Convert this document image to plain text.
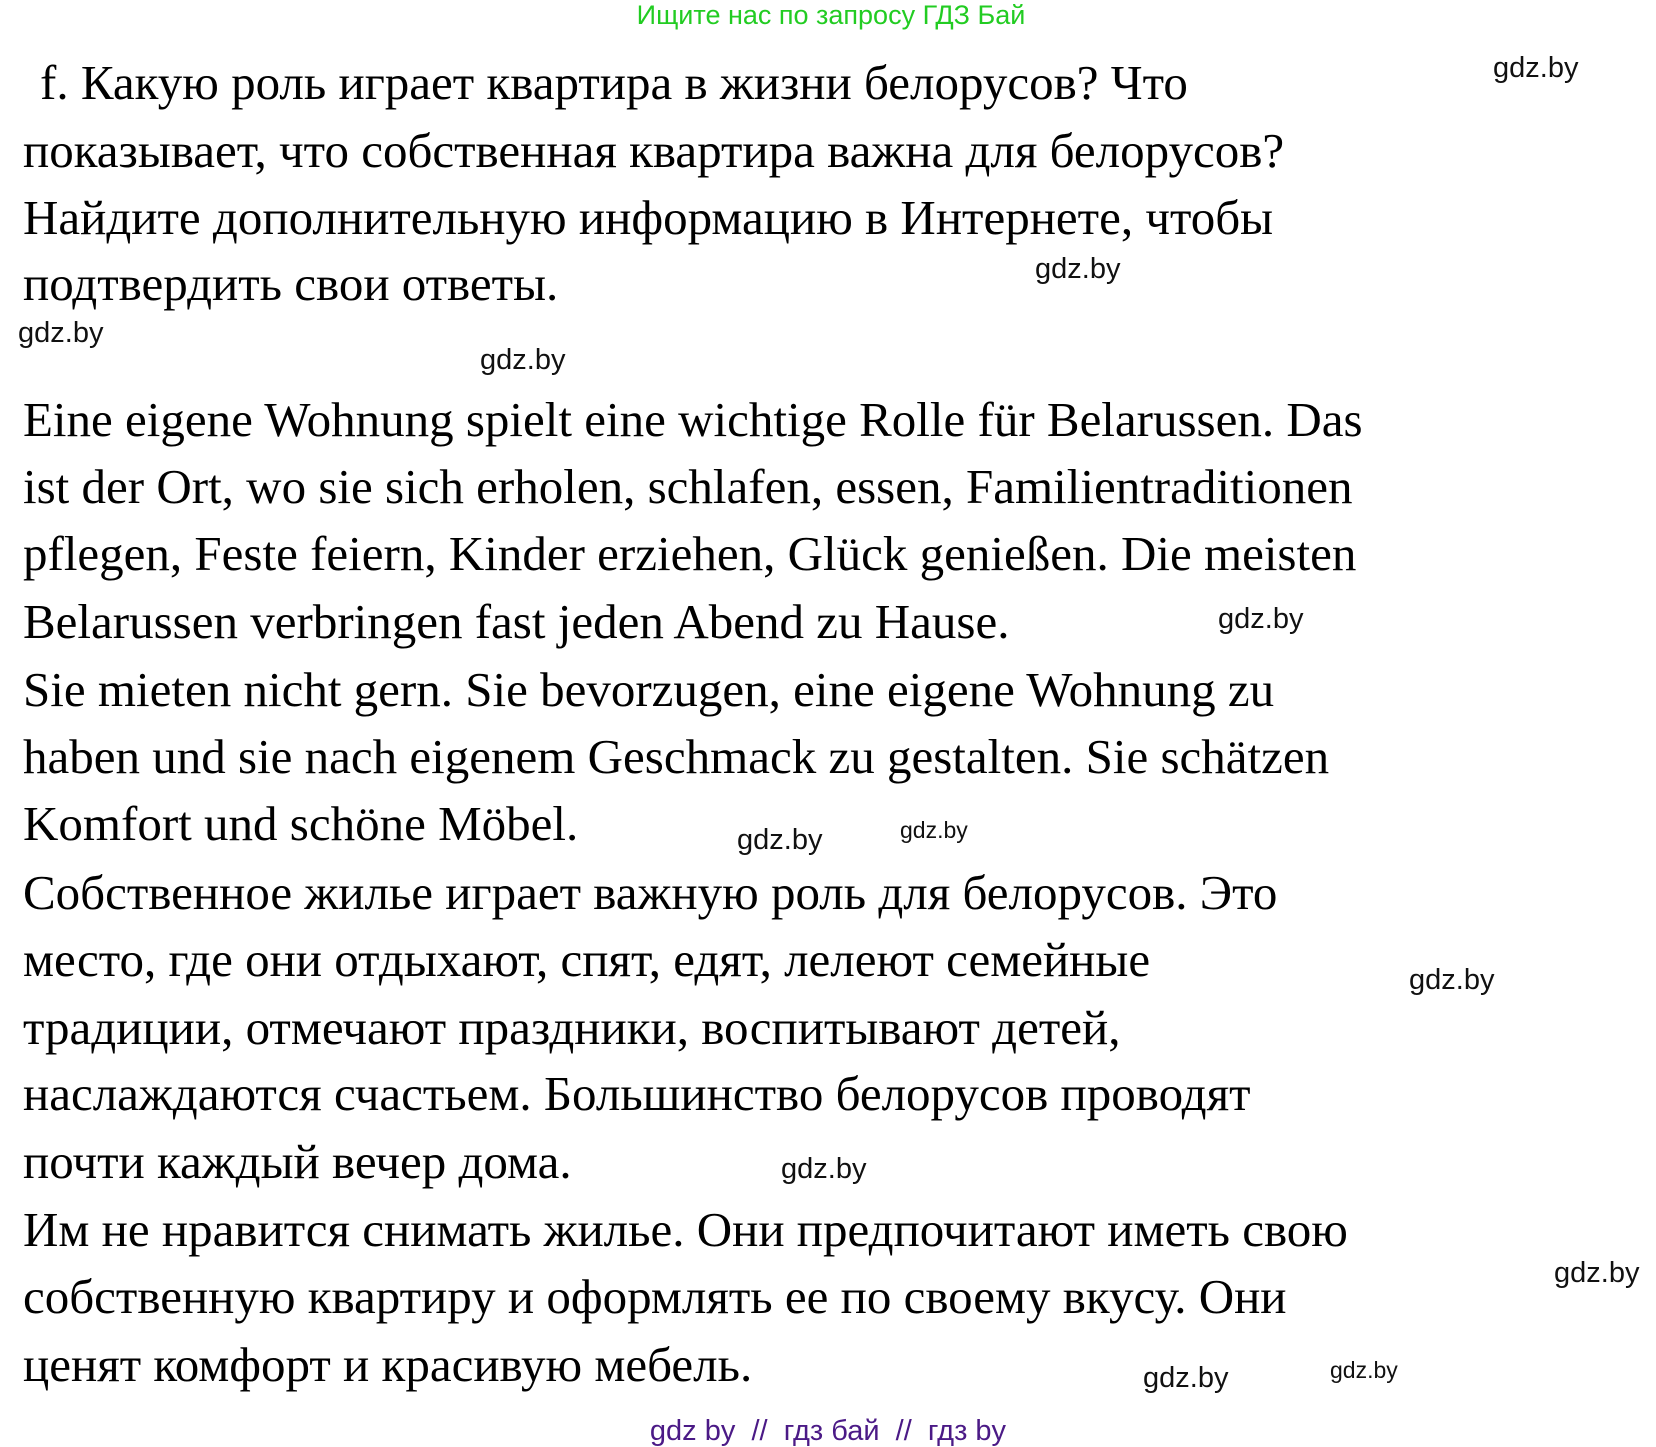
Ищите нас по запросу ГДЗ Бай
f. Какую роль играет квартира в жизни белорусов? Что
показывает, что собственная квартира важна для белорусов?
Найдите дополнительную информацию в Интернете, чтобы
подтвердить свои ответы.
Eine eigene Wohnung spielt eine wichtige Rolle für Belarussen. Das
ist der Ort, wo sie sich erholen, schlafen, essen, Familientraditionen
pflegen, Feste feiern, Kinder erziehen, Glück genießen. Die meisten
Belarussen verbringen fast jeden Abend zu Hause.
Sie mieten nicht gern. Sie bevorzugen, eine eigene Wohnung zu
haben und sie nach eigenem Geschmack zu gestalten. Sie schätzen
Komfort und schöne Möbel.
Собственное жилье играет важную роль для белорусов. Это
место, где они отдыхают, спят, едят, лелеют семейные
традиции, отмечают праздники, воспитывают детей,
наслаждаются счастьем. Большинство белорусов проводят
почти каждый вечер дома.
Им не нравится снимать жилье. Они предпочитают иметь свою
собственную квартиру и оформлять ее по своему вкусу. Они
ценят комфорт и красивую мебель.
gdz.by
gdz.by
gdz.by
gdz.by
gdz.by
gdz.by
gdz.by
gdz.by
gdz.by
gdz.by
gdz.by
gdz.by
gdz by  //  гдз бай  //  гдз by
